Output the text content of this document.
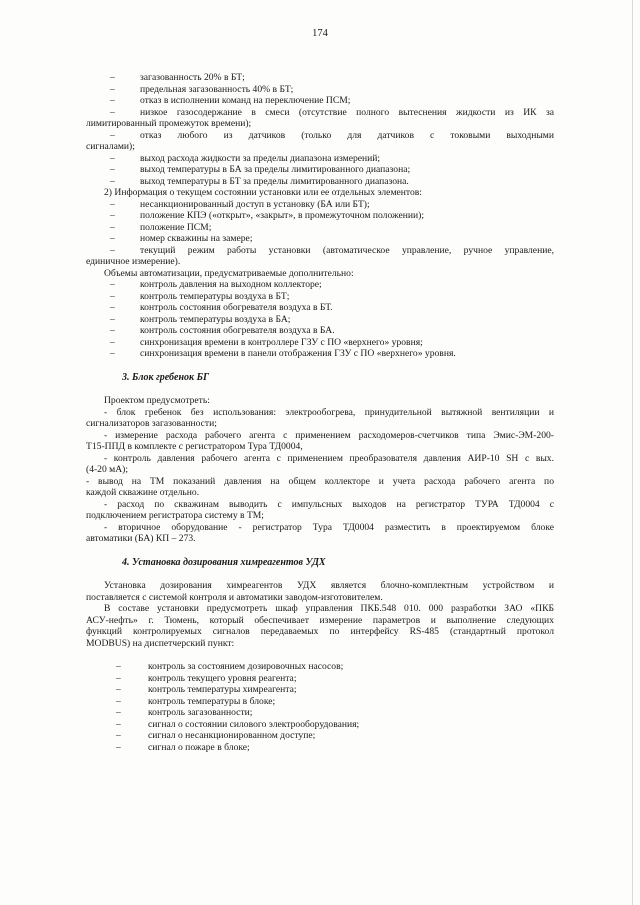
174
–	загазованность 20% в БТ;
–	предельная загазованность 40% в БТ;
–	отказ в исполнении команд на переключение ПСМ;
–	низкое газосодержание в смеси (отсутствие полного вытеснения жидкости из ИК за
лимитированный промежуток времени);
–	отказ любого из датчиков (только для датчиков с токовыми выходными
сигналами);
–	выход расхода жидкости за пределы диапазона измерений;
–	выход температуры в БА за пределы лимитированного диапазона;
–	выход температуры в БТ за пределы лимитированного диапазона.
2) Информация о текущем состоянии установки или ее отдельных элементов:
–	несанкционированный доступ в установку (БА или БТ);
–	положение КПЭ («открыт», «закрыт», в промежуточном положении);
–	положение ПСМ;
–	номер скважины на замере;
–	текущий режим работы установки (автоматическое управление, ручное управление,
единичное измерение).
Объемы автоматизации, предусматриваемые дополнительно:
–	контроль давления на выходном коллекторе;
–	контроль температуры воздуха в БТ;
–	контроль состояния обогревателя воздуха в БТ.
–	контроль температуры воздуха в БА;
–	контроль состояния обогревателя воздуха в БА.
–	синхронизация времени в контроллере ГЗУ с ПО «верхнего» уровня;
–	синхронизация времени в панели отображения ГЗУ с ПО «верхнего» уровня.
3. Блок гребенок БГ
Проектом предусмотреть:
- блок гребенок без использования: электрообогрева, принудительной вытяжной вентиляции и
сигнализаторов загазованности;
- измерение расхода рабочего агента с применением расходомеров-счетчиков типа Эмис-ЭМ-200-
Т15-ППД в комплекте с регистратором Тура ТД0004,
- контроль давления рабочего агента с применением преобразователя давления АИР-10 SH с вых.
(4-20 мА);
- вывод на ТМ показаний давления на общем коллекторе и учета расхода рабочего агента по
каждой скважине отдельно.
- расход по скважинам выводить с импульсных выходов на регистратор ТУРА ТД0004 с
подключением регистратора систему в ТМ;
- вторичное оборудование - регистратор Тура ТД0004 разместить в проектируемом блоке
автоматики (БА) КП – 273.
4. Установка дозирования химреагентов УДХ
Установка дозирования химреагентов УДХ является блочно-комплектным устройством и
поставляется с системой контроля и автоматики заводом-изготовителем.
В составе установки предусмотреть шкаф управления ПКБ.548 010. 000 разработки ЗАО «ПКБ
АСУ-нефть» г. Тюмень, который обеспечивает измерение параметров и выполнение следующих
функций контролируемых сигналов передаваемых по интерфейсу RS-485 (стандартный протокол
MODBUS) на диспетчерский пункт:
–	контроль за состоянием дозировочных насосов;
–	контроль текущего уровня реагента;
–	контроль температуры химреагента;
–	контроль температуры в блоке;
–	контроль загазованности;
–	сигнал о состоянии силового электрооборудования;
–	сигнал о несанкционированном доступе;
–	сигнал о пожаре в блоке;
